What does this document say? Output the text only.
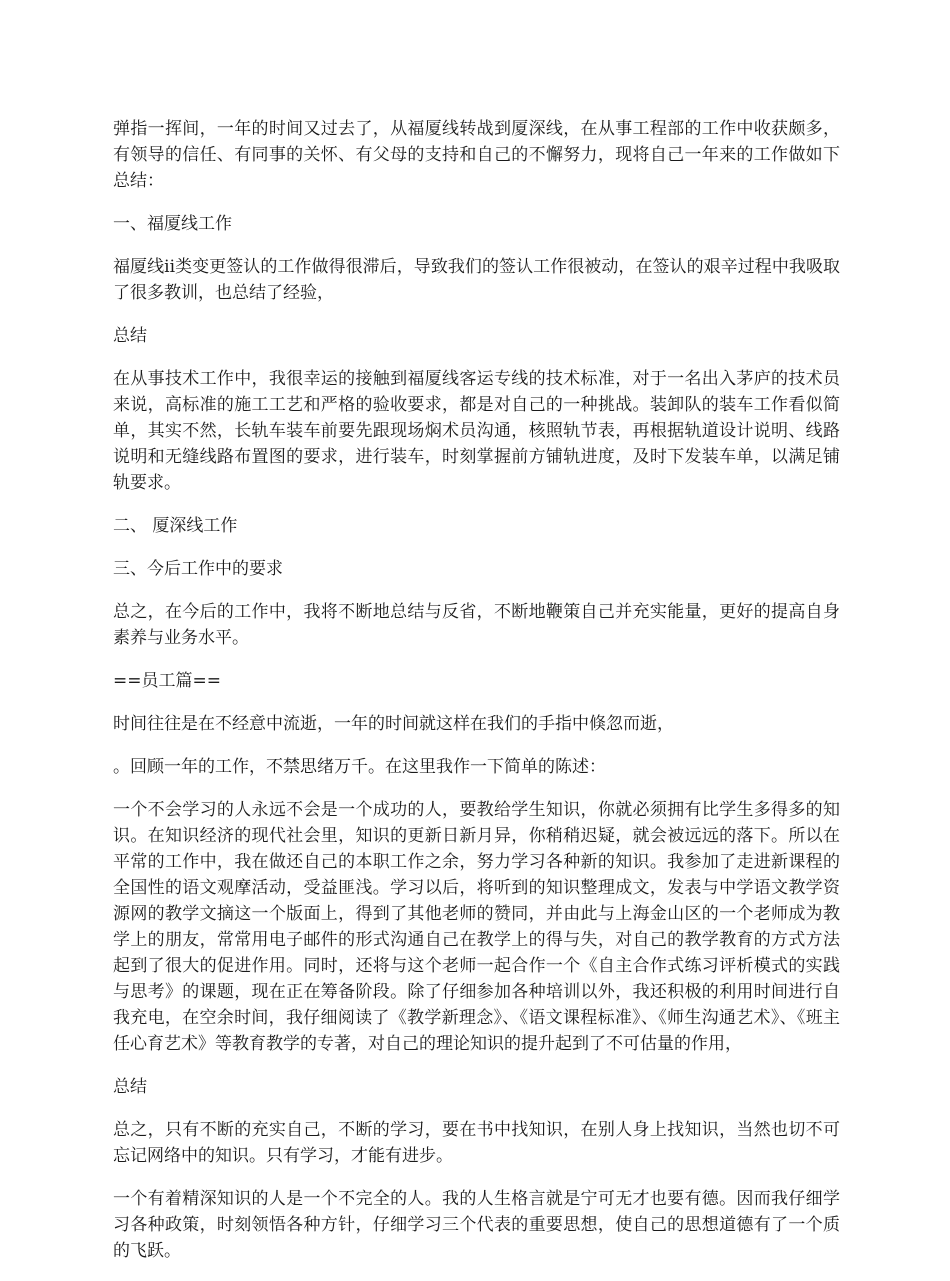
弹指一挥间，一年的时间又过去了，从福厦线转战到厦深线，在从事工程部的工作中收获颇多，有领导的信任、有同事的关怀、有父母的支持和自己的不懈努力，现将自己一年来的工作做如下总结：

一、福厦线工作

福厦线ii类变更签认的工作做得很滞后，导致我们的签认工作很被动，在签认的艰辛过程中我吸取了很多教训，也总结了经验，

总结

在从事技术工作中，我很幸运的接触到福厦线客运专线的技术标准，对于一名出入茅庐的技术员来说，高标准的施工工艺和严格的验收要求，都是对自己的一种挑战。装卸队的装车工作看似简单，其实不然，长轨车装车前要先跟现场焖术员沟通，核照轨节表，再根据轨道设计说明、线路说明和无缝线路布置图的要求，进行装车，时刻掌握前方铺轨进度，及时下发装车单，以满足铺轨要求。

二、 厦深线工作

三、今后工作中的要求

总之，在今后的工作中，我将不断地总结与反省，不断地鞭策自己并充实能量，更好的提高自身素养与业务水平。

==员工篇==

时间往往是在不经意中流逝，一年的时间就这样在我们的手指中倏忽而逝，

。回顾一年的工作，不禁思绪万千。在这里我作一下简单的陈述：

一个不会学习的人永远不会是一个成功的人，要教给学生知识，你就必须拥有比学生多得多的知识。在知识经济的现代社会里，知识的更新日新月异，你稍稍迟疑，就会被远远的落下。所以在平常的工作中，我在做还自己的本职工作之余，努力学习各种新的知识。我参加了走进新课程的全国性的语文观摩活动，受益匪浅。学习以后，将听到的知识整理成文，发表与中学语文教学资源网的教学文摘这一个版面上，得到了其他老师的赞同，并由此与上海金山区的一个老师成为教学上的朋友，常常用电子邮件的形式沟通自己在教学上的得与失，对自己的教学教育的方式方法起到了很大的促进作用。同时，还将与这个老师一起合作一个《自主合作式练习评析模式的实践与思考》的课题，现在正在筹备阶段。除了仔细参加各种培训以外，我还积极的利用时间进行自我充电，在空余时间，我仔细阅读了《教学新理念》、《语文课程标准》、《师生沟通艺术》、《班主任心育艺术》等教育教学的专著，对自己的理论知识的提升起到了不可估量的作用，

总结

总之，只有不断的充实自己，不断的学习，要在书中找知识，在别人身上找知识，当然也切不可忘记网络中的知识。只有学习，才能有进步。

一个有着精深知识的人是一个不完全的人。我的人生格言就是宁可无才也要有德。因而我仔细学习各种政策，时刻领悟各种方针，仔细学习三个代表的重要思想，使自己的思想道德有了一个质的飞跃。
